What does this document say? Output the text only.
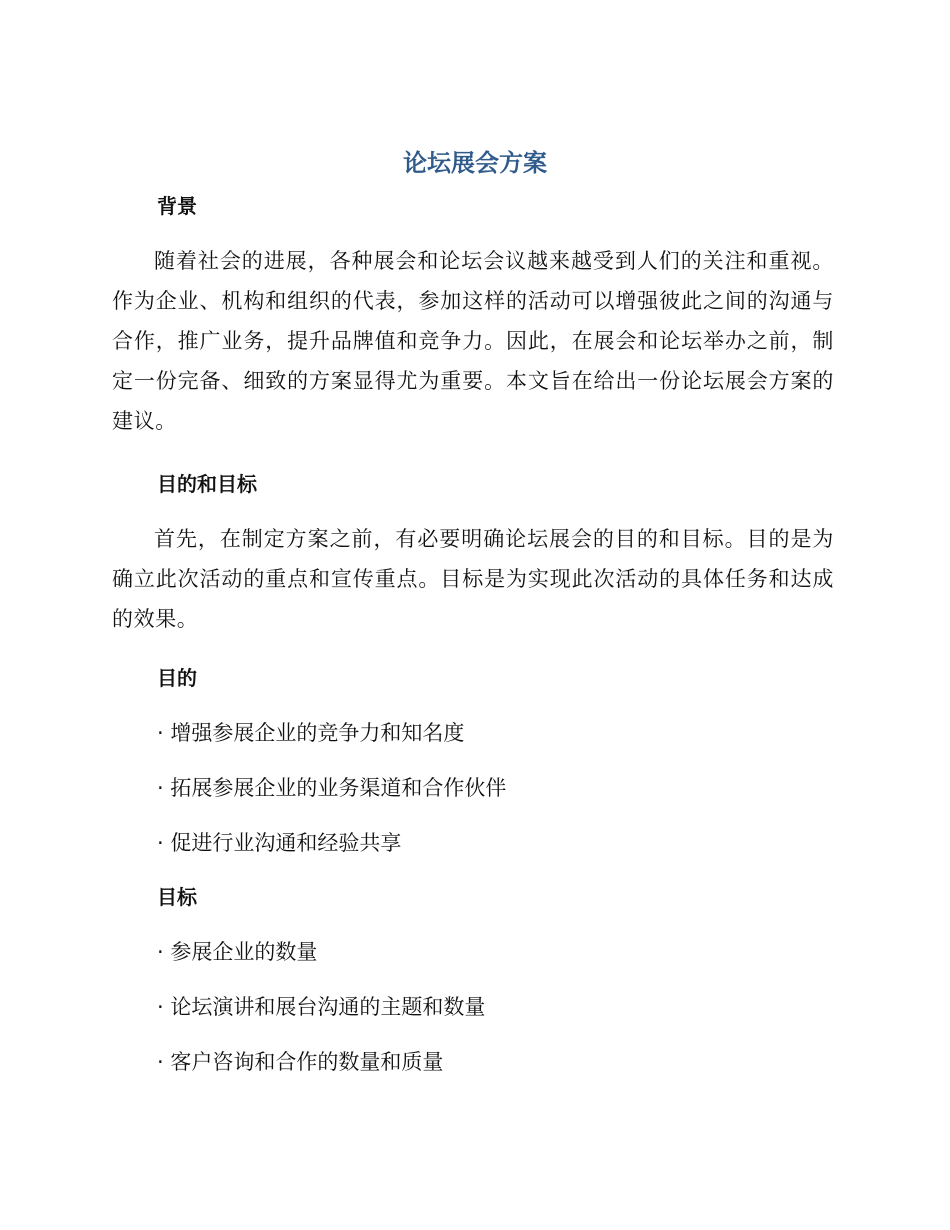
论坛展会方案
背景
随着社会的进展，各种展会和论坛会议越来越受到人们的关注和重视。作为企业、机构和组织的代表，参加这样的活动可以增强彼此之间的沟通与合作，推广业务，提升品牌值和竞争力。因此，在展会和论坛举办之前，制定一份完备、细致的方案显得尤为重要。本文旨在给出一份论坛展会方案的建议。
目的和目标
首先，在制定方案之前，有必要明确论坛展会的目的和目标。目的是为确立此次活动的重点和宣传重点。目标是为实现此次活动的具体任务和达成的效果。
目的
· 增强参展企业的竞争力和知名度
· 拓展参展企业的业务渠道和合作伙伴
· 促进行业沟通和经验共享
目标
· 参展企业的数量
· 论坛演讲和展台沟通的主题和数量
· 客户咨询和合作的数量和质量
